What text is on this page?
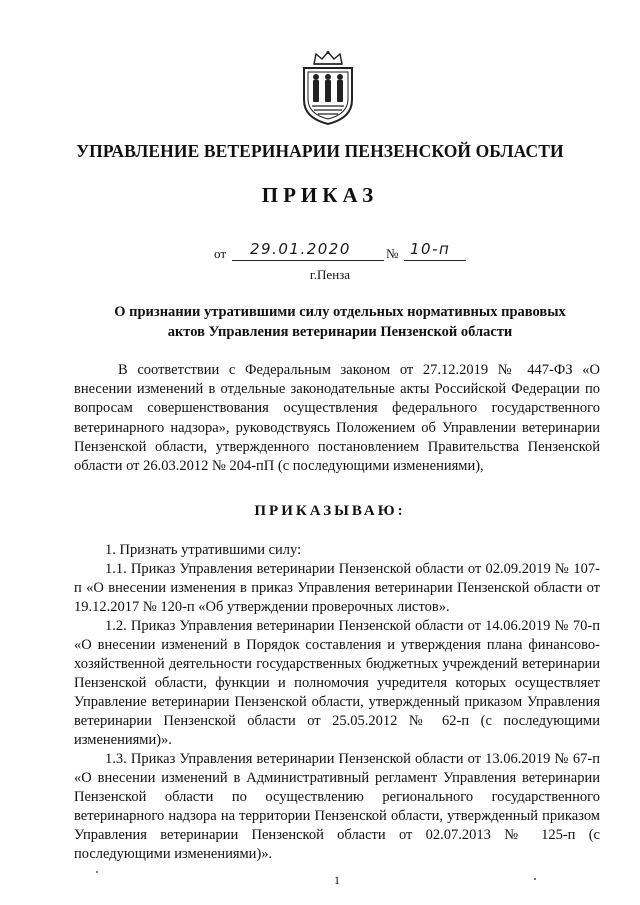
УПРАВЛЕНИЕ ВЕТЕРИНАРИИ ПЕНЗЕНСКОЙ ОБЛАСТИ
ПРИКАЗ
от 29.01.2020	№ 10-п
г.Пенза
О признании утратившими силу отдельных нормативных правовых актов Управления ветеринарии Пензенской области

В соответствии с Федеральным законом от 27.12.2019 № 447-ФЗ «О внесении изменений в отдельные законодательные акты Российской Федерации по вопросам совершенствования осуществления федерального государственного ветеринарного надзора», руководствуясь Положением об Управлении ветеринарии Пензенской области, утвержденного постановлением Правительства Пензенской области от 26.03.2012 № 204-пП (с последующими изменениями),

ПРИКАЗЫВАЮ:

1. Признать утратившими силу:

1.1. Приказ Управления ветеринарии Пензенской области от 02.09.2019 № 107-п «О внесении изменения в приказ Управления ветеринарии Пензенской области от 19.12.2017 № 120-п «Об утверждении проверочных листов».

1.2. Приказ Управления ветеринарии Пензенской области от 14.06.2019 № 70-п «О внесении изменений в Порядок составления и утверждения плана финансово-хозяйственной деятельности государственных бюджетных учреждений ветеринарии Пензенской области, функции и полномочия учредителя которых осуществляет Управление ветеринарии Пензенской области, утвержденный приказом Управления ветеринарии Пензенской области от 25.05.2012 № 62-п (с последующими изменениями)».

1.3. Приказ Управления ветеринарии Пензенской области от 13.06.2019 № 67-п «О внесении изменений в Административный регламент Управления ветеринарии Пензенской области по осуществлению регионального государственного ветеринарного надзора на территории Пензенской области, утвержденный приказом Управления ветеринарии Пензенской области от 02.07.2013 № 125-п (с последующими изменениями)».

1
